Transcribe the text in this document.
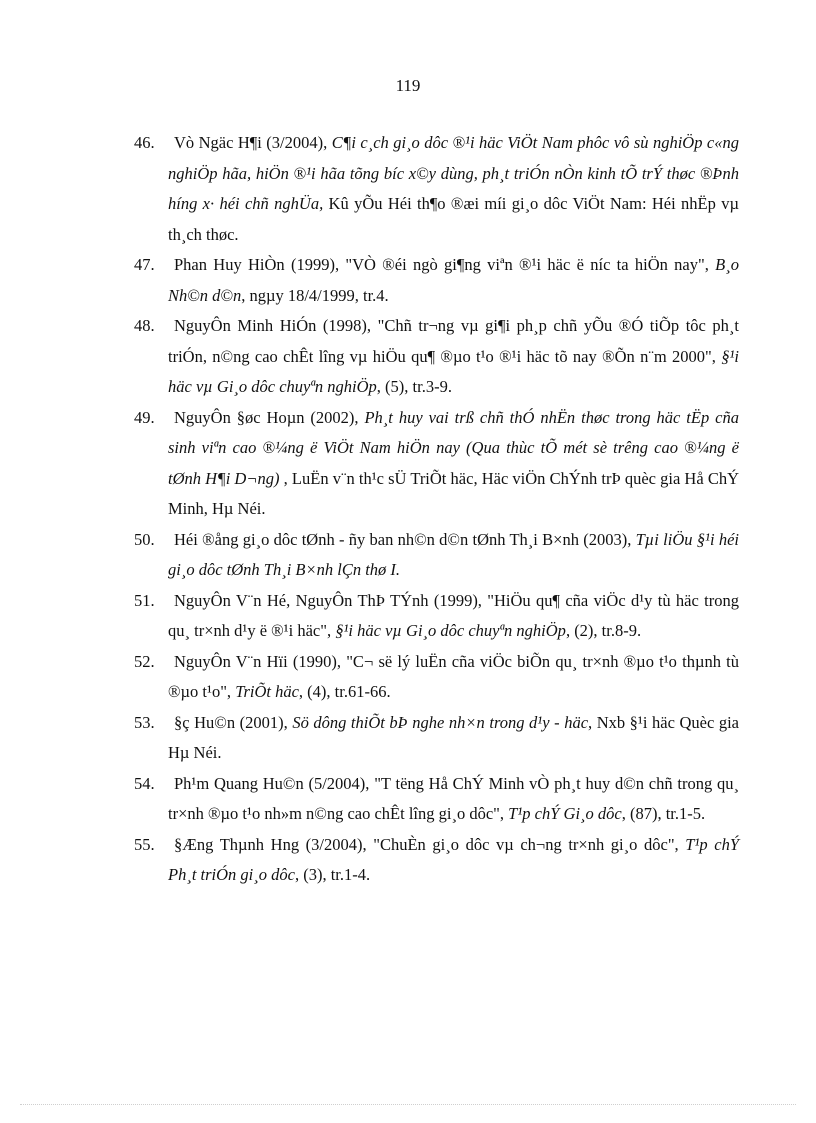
119
46. Vò Ngäc H¶i (3/2004), C¶i c¸ch gi¸o dôc ®¹i häc ViÖt Nam phôc vô sù nghiÖp c«ng nghiÖp hãa, hiÖn ®¹i hãa tõng bíc x©y dùng, ph¸t triÓn nÒn kinh tÕ trÝ thøc ®Þnh híng x· héi chñ nghÜa, Kû yÕu Héi th¶o ®æi míi gi¸o dôc ViÖt Nam: Héi nhËp vµ th¸ch thøc.
47. Phan Huy HiÒn (1999), "VÒ ®éi ngò gi¶ng viªn ®¹i häc ë níc ta hiÖn nay", B¸o Nh©n d©n, ngµy 18/4/1999, tr.4.
48. NguyÔn Minh HiÓn (1998), "Chñ tr¬ng vµ gi¶i ph¸p chñ yÕu ®Ó tiÕp tôc ph¸t triÓn, n©ng cao chÊt lîng vµ hiÖu qu¶ ®µo t¹o ®¹i häc tõ nay ®Õn n¨m 2000", §¹i häc vµ Gi¸o dôc chuyªn nghiÖp, (5), tr.3-9.
49. NguyÔn §øc Hoµn (2002), Ph¸t huy vai trß chñ thÓ nhËn thøc trong häc tËp cña sinh viªn cao ®¼ng ë ViÖt Nam hiÖn nay (Qua thùc tÕ mét sè trêng cao ®¼ng ë tØnh H¶i D¬ng) , LuËn v¨n th¹c sÜ TriÕt häc, Häc viÖn ChÝnh trÞ quèc gia Hå ChÝ Minh, Hµ Néi.
50. Héi ®ång gi¸o dôc tØnh - ñy ban nh©n d©n tØnh Th¸i B×nh (2003), Tµi liÖu §¹i héi gi¸o dôc tØnh Th¸i B×nh lÇn thø I.
51. NguyÔn V¨n Hé, NguyÔn ThÞ TÝnh (1999), "HiÖu qu¶ cña viÖc d¹y tù häc trong qu¸ tr×nh d¹y ë ®¹i häc", §¹i häc vµ Gi¸o dôc chuyªn nghiÖp, (2), tr.8-9.
52. NguyÔn V¨n Hïi (1990), "C¬ së lý luËn cña viÖc biÕn qu¸ tr×nh ®µo t¹o thµnh tù ®µo t¹o", TriÕt häc, (4), tr.61-66.
53. §ç Hu©n (2001), Sö dông thiÕt bÞ nghe nh×n trong d¹y - häc, Nxb §¹i häc Quèc gia Hµ Néi.
54. Ph¹m Quang Hu©n (5/2004), "T tëng Hå ChÝ Minh vÒ ph¸t huy d©n chñ trong qu¸ tr×nh ®µo t¹o nh»m n©ng cao chÊt lîng gi¸o dôc", T¹p chÝ Gi¸o dôc, (87), tr.1-5.
55. §Æng Thµnh Hng (3/2004), "ChuÈn gi¸o dôc vµ ch¬ng tr×nh gi¸o dôc", T¹p chÝ Ph¸t triÓn gi¸o dôc, (3), tr.1-4.
